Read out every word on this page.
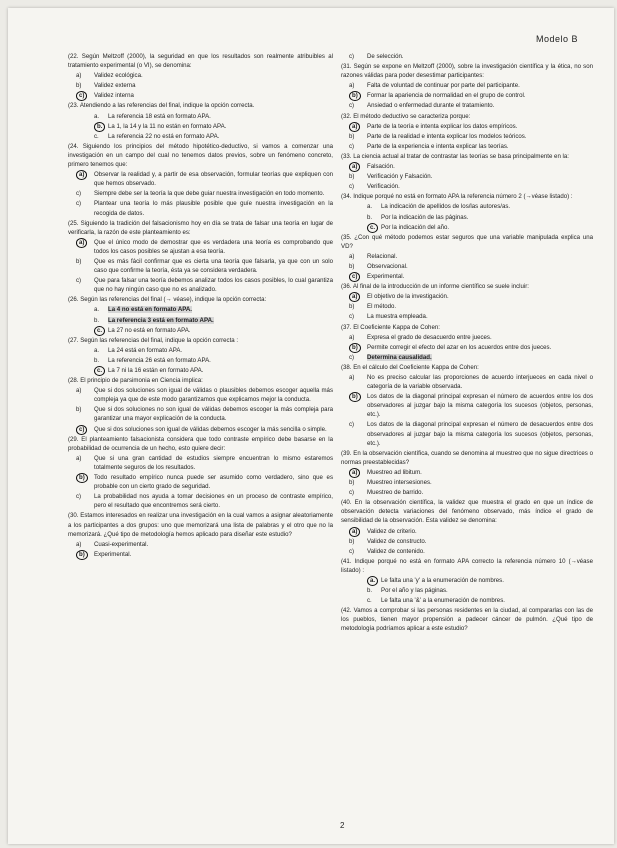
Modelo B
(22. Según Meltzoff (2000), la seguridad en que los resultados son realmente atribuibles al tratamiento experimental (o VI), se denomina:
a) Validez ecológica.
b) Validez externa
c)	Validez interna
(23. Atendiendo a las referencias del final, indique la opción correcta.
a. La referencia 18 está en formato APA.
b. La 1, la 14 y la 11 no están en formato APA.
c. La referencia 22 no está en formato APA.
(24. Siguiendo los principios del método hipotético-deductivo, si vamos a comenzar una investigación en un campo del cual no tenemos datos previos, sobre un fenómeno concreto, primero tenemos que:
a)	Observar la realidad y, a partir de esa observación, formular teorías que expliquen con que hemos observado.
c) Siempre debe ser la teoría la que debe guiar nuestra investigación en todo momento.
c) Plantear una teoría lo más plausible posible que guíe nuestra investigación en la recogida de datos.
(25. Siguiendo la tradición del falsacionismo hoy en día se trata de falsar una teoría en lugar de verificarla, la razón de este planteamiento es:
a)	Que el único modo de demostrar que es verdadera una teoría es comprobando que todos los casos posibles se ajustan a esa teoría.
b) Que es más fácil confirmar que es cierta una teoría que falsarla, ya que con un solo caso que confirme la teoría, ésta ya se considera verdadera.
c) Que para falsar una teoría debemos analizar todos los casos posibles, lo cual garantiza que no hay ningún caso que no es analizado.
(26. Según las referencias del final (→ véase), indique la opción correcta:
a. La 4 no está en formato APA.
b. La referencia 3 está en formato APA.
c. La 27 no está en formato APA.
(27. Según las referencias del final, indique la opción correcta :
a. La 24 está en formato APA.
b. La referencia 26 está en formato APA.
c. La 7 ni la 16 están en formato APA.
(28. El principio de parsimonia en Ciencia implica:
a) Que si dos soluciones son igual de válidas o plausibles debemos escoger aquella más compleja ya que de este modo garantizamos que explicamos mejor la conducta.
b) Que si dos soluciones no son igual de válidas debemos escoger la más compleja para garantizar una mayor explicación de la conducta.
c)	Que si dos soluciones son igual de válidas debemos escoger la más sencilla o simple.
(29. El planteamiento falsacionista considera que todo contraste empírico debe basarse en la probabilidad de ocurrencia de un hecho, esto quiere decir:
a) Que si una gran cantidad de estudios siempre encuentran lo mismo estaremos totalmente seguros de los resultados.
b)	Todo resultado empírico nunca puede ser asumido como verdadero, sino que es probable con un cierto grado de seguridad.
c) La probabilidad nos ayuda a tomar decisiones en un proceso de contraste empírico, pero el resultado que encontremos será cierto.
(30. Estamos interesados en realizar una investigación en la cual vamos a asignar aleatoriamente a los participantes a dos grupos: uno que memorizará una lista de palabras y el otro que no la memorizará. ¿Qué tipo de metodología hemos aplicado para diseñar este estudio?
a) Cuasi-experimental.
b)	Experimental.
c) De selección.
(31. Según se expone en Meltzoff (2000), sobre la investigación científica y la ética, no son razones válidas para poder desestimar participantes:
a) Falta de voluntad de continuar por parte del participante.
b)	Formar la apariencia de normalidad en el grupo de control.
c) Ansiedad o enfermedad durante el tratamiento.
(32. El método deductivo se caracteriza porque:
a)	Parte de la teoría e intenta explicar los datos empíricos.
b) Parte de la realidad e intenta explicar los modelos teóricos.
c) Parte de la experiencia e intenta explicar las teorías.
(33. La ciencia actual al tratar de contrastar las teorías se basa principalmente en la:
a)	Falsación.
b) Verificación y Falsación.
c) Verificación.
(34. Indique porqué no está en formato APA la referencia número 2 (→véase listado) :
a. La indicación de apellidos de los/las autores/as.
b. Por la indicación de las páginas.
c. Por la indicación del año.
(35. ¿Con qué método podemos estar seguros que una variable manipulada explica una VD?
a) Relacional.
b) Observacional.
c)	Experimental.
(36. Al final de la introducción de un informe científico se suele incluir:
a)	El objetivo de la investigación.
b) El método.
c) La muestra empleada.
(37. El Coeficiente Kappa de Cohen:
a) Expresa el grado de desacuerdo entre jueces.
b)	Permite corregir el efecto del azar en los acuerdos entre dos jueces.
c) Determina causalidad.
(38. En el cálculo del Coeficiente Kappa de Cohen:
a) No es preciso calcular las proporciones de acuerdo interjueces en cada nivel o categoría de la variable observada.
b)	Los datos de la diagonal principal expresan el número de acuerdos entre los dos observadores al juzgar bajo la misma categoría los sucesos (objetos, personas, etc.).
c) Los datos de la diagonal principal expresan el número de desacuerdos entre dos observadores al juzgar bajo la misma categoría los sucesos (objetos, personas, etc.).
(39. En la observación científica, cuando se denomina al muestreo que no sigue directrices o normas preestablecidas?
a)	Muestreo ad libitum.
b) Muestreo intersesiones.
c) Muestreo de barrido.
(40. En la observación científica, la validez que muestra el grado en que un índice de observación detecta variaciones del fenómeno observado, más índice el grado de sensibilidad de la observación. Esta validez se denomina:
a)	Validez de criterio.
b) Validez de constructo.
c) Validez de contenido.
(41. Indique porqué no está en formato APA correcto la referencia número 10 (→véase listado) :
a. Le falta una 'y' a la enumeración de nombres.
b. Por el año y las páginas.
c. Le falta una '&' a la enumeración de nombres.
(42. Vamos a comprobar si las personas residentes en la ciudad, al compararlas con las de los pueblos, tienen mayor propensión a padecer cáncer de pulmón. ¿Qué tipo de metodología podríamos aplicar a este estudio?
2
